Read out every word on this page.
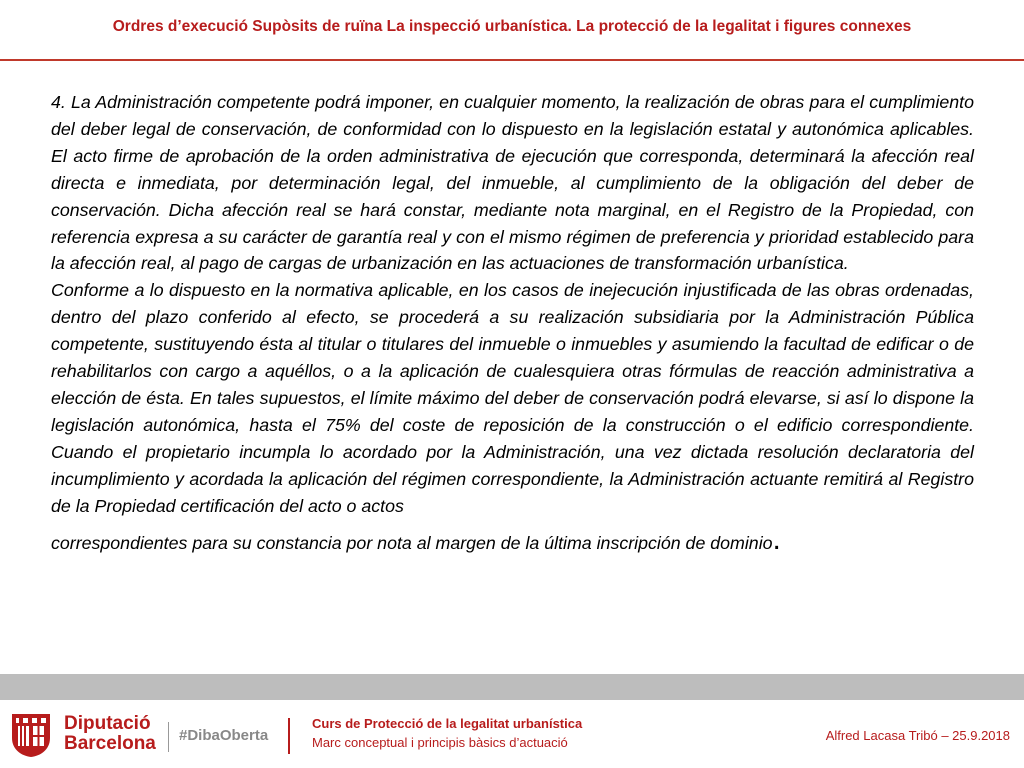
Ordres d’execució Supòsits de ruïna La inspecció urbanística. La protecció de la legalitat i figures connexes

4. La Administración competente podrá imponer, en cualquier momento, la realización de obras para el cumplimiento del deber legal de conservación, de conformidad con lo dispuesto en la legislación estatal y autonómica aplicables. El acto firme de aprobación de la orden administrativa de ejecución que corresponda, determinará la afección real directa e inmediata, por determinación legal, del inmueble, al cumplimiento de la obligación del deber de conservación. Dicha afección real se hará constar, mediante nota marginal, en el Registro de la Propiedad, con referencia expresa a su carácter de garantía real y con el mismo régimen de preferencia y prioridad establecido para la afección real, al pago de cargas de urbanización en las actuaciones de transformación urbanística.

Conforme a lo dispuesto en la normativa aplicable, en los casos de inejecución injustificada de las obras ordenadas, dentro del plazo conferido al efecto, se procederá a su realización subsidiaria por la Administración Pública competente, sustituyendo ésta al titular o titulares del inmueble o inmuebles y asumiendo la facultad de edificar o de rehabilitarlos con cargo a aquéllos, o a la aplicación de cualesquiera otras fórmulas de reacción administrativa a elección de ésta. En tales supuestos, el límite máximo del deber de conservación podrá elevarse, si así lo dispone la legislación autonómica, hasta el 75% del coste de reposición de la construcción o el edificio correspondiente. Cuando el propietario incumpla lo acordado por la Administración, una vez dictada resolución declaratoria del incumplimiento y acordada la aplicación del régimen correspondiente, la Administración actuante remitirá al Registro de la Propiedad certificación del acto o actos

correspondientes para su constancia por nota al margen de la última inscripción de dominio.
Diputació
Barcelona #DibaOberta
Curs de Protecció de la legalitat urbanística
Marc conceptual i principis bàsics d’actuació	Alfred Lacasa Tribó – 25.9.2018
